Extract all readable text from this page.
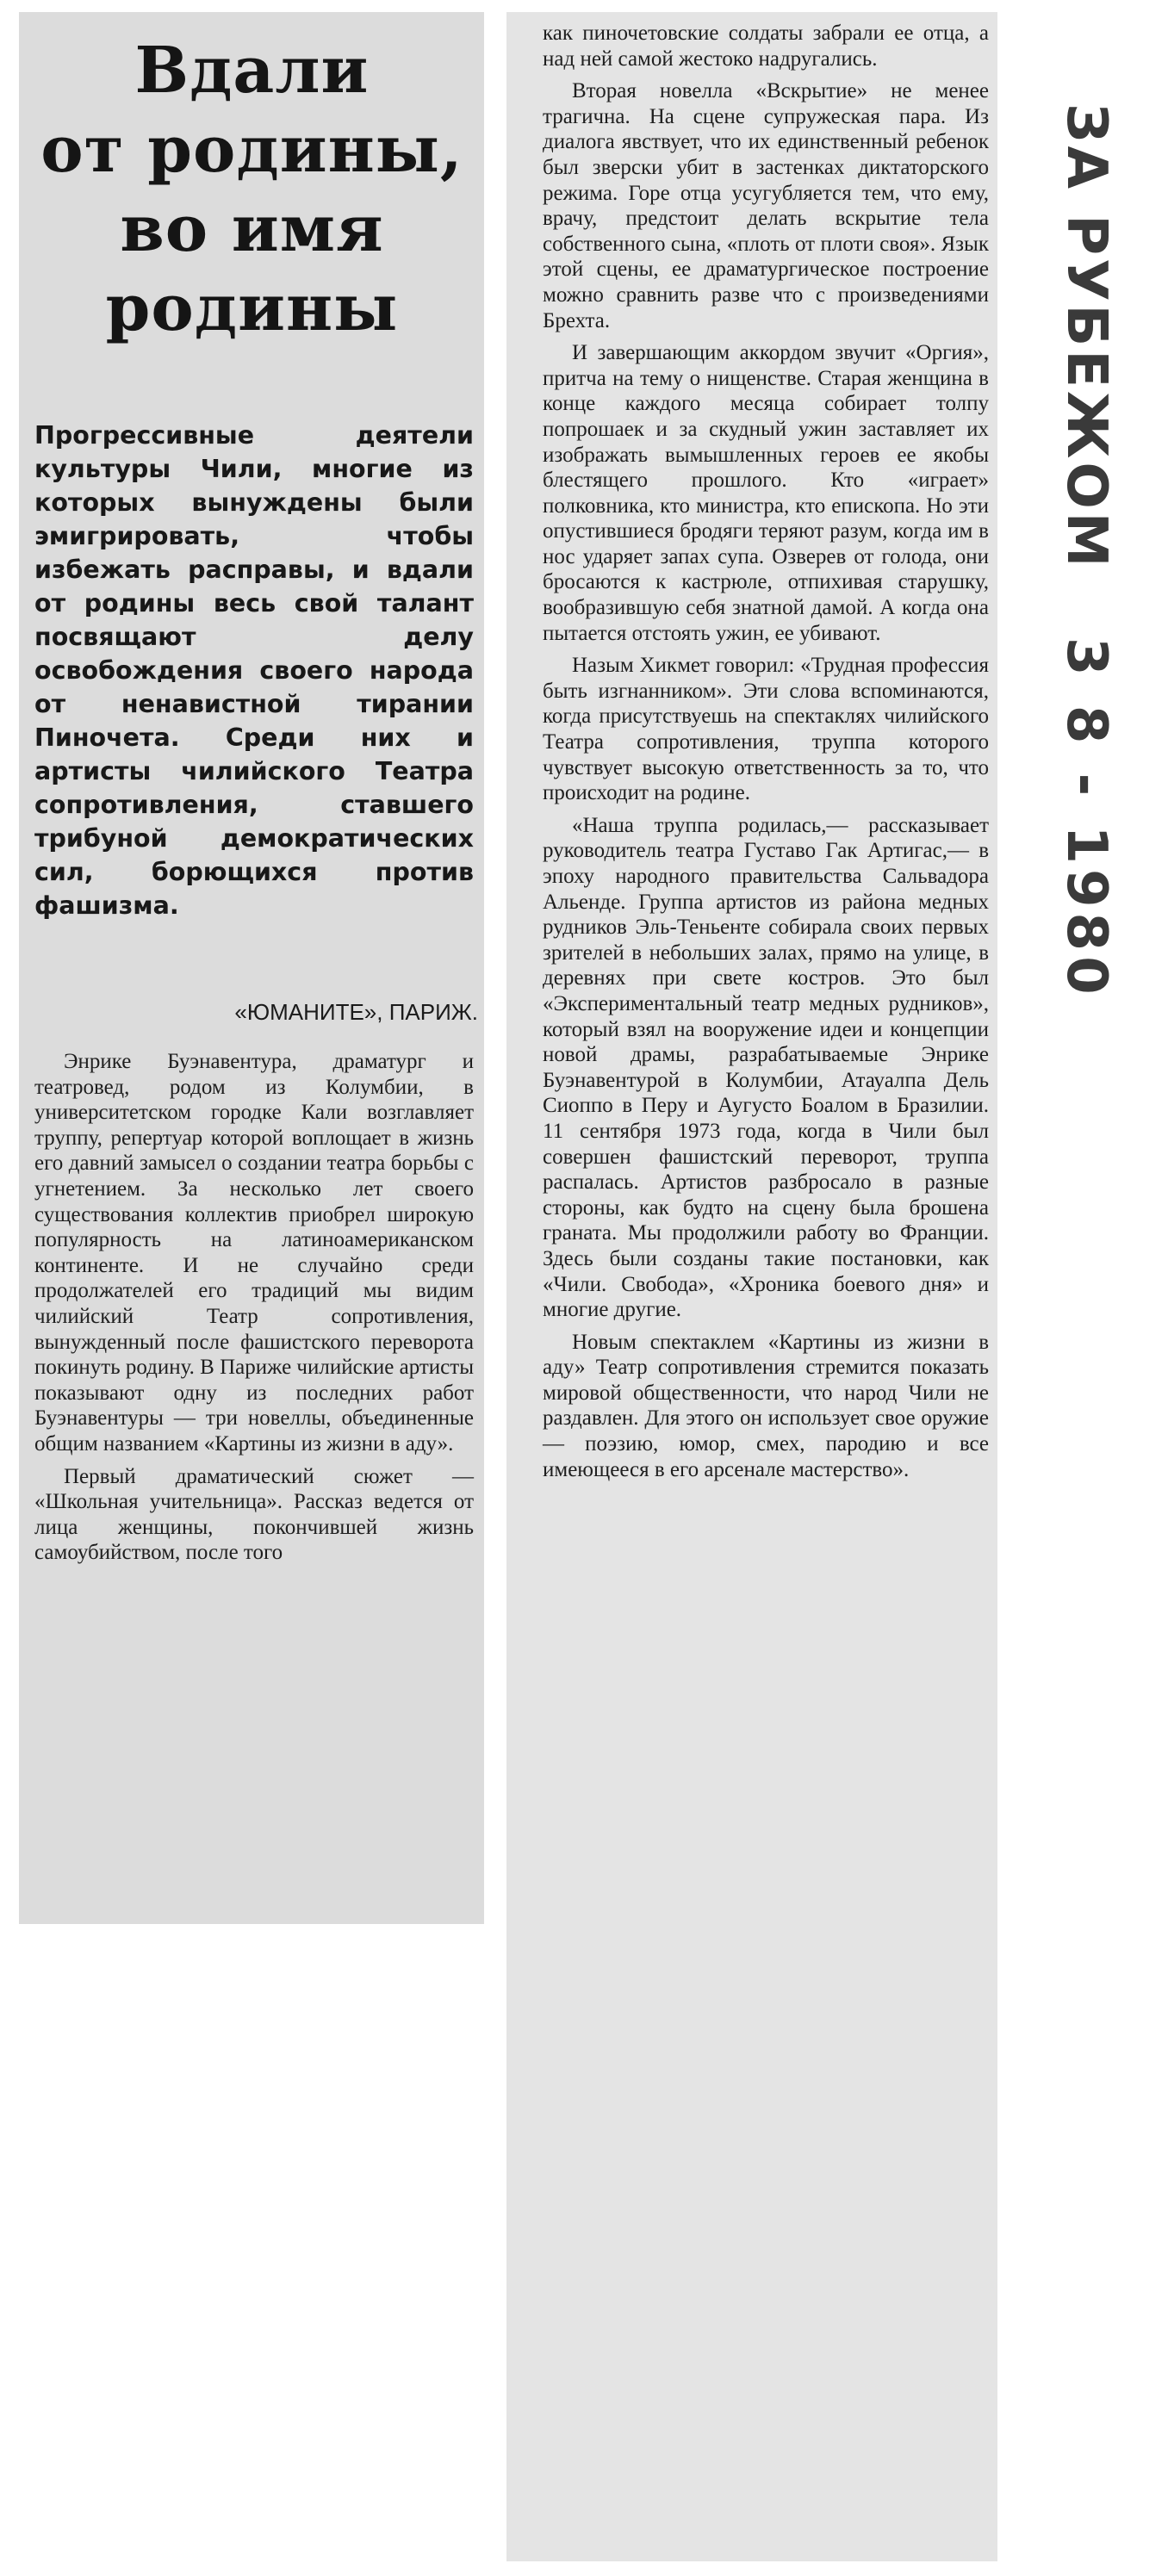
Вдали
от родины,
во имя
родины
Прогрессивные деятели культуры Чили, многие из которых вынуждены были эмигрировать, чтобы избежать расправы, и вдали от родины весь свой талант посвящают делу освобождения своего народа от ненавистной тирании Пиночета. Среди них и артисты чилийского Театра сопротивления, ставшего трибуной демократических сил, борющихся против фашизма.
«ЮМАНИТЕ», ПАРИЖ.

Энрике Буэнавентура, драматург и театровед, родом из Колумбии, в университетском городке Кали возглавляет труппу, репертуар которой воплощает в жизнь его давний замысел о создании театра борьбы с угнетением. За несколько лет своего существования коллектив приобрел широкую популярность на латиноамериканском континенте. И не случайно среди продолжателей его традиций мы видим чилийский Театр сопротивления, вынужденный после фашистского переворота покинуть родину. В Париже чилийские артисты показывают одну из последних работ Буэнавентуры — три новеллы, объединенные общим названием «Картины из жизни в аду».

Первый драматический сюжет — «Школьная учительница». Рассказ ведется от лица женщины, покончившей жизнь самоубийством, после того

как пиночетовские солдаты забрали ее отца, а над ней самой жестоко надругались.

Вторая новелла «Вскрытие» не менее трагична. На сцене супружеская пара. Из диалога явствует, что их единственный ребенок был зверски убит в застенках диктаторского режима. Горе отца усугубляется тем, что ему, врачу, предстоит делать вскрытие тела собственного сына, «плоть от плоти своя». Язык этой сцены, ее драматургическое построение можно сравнить разве что с произведениями Брехта.

И завершающим аккордом звучит «Оргия», притча на тему о нищенстве. Старая женщина в конце каждого месяца собирает толпу попрошаек и за скудный ужин заставляет их изображать вымышленных героев ее якобы блестящего прошлого. Кто «играет» полковника, кто министра, кто епископа. Но эти опустившиеся бродяги теряют разум, когда им в нос ударяет запах супа. Озверев от голода, они бросаются к кастрюле, отпихивая старушку, вообразившую себя знатной дамой. А когда она пытается отстоять ужин, ее убивают.

Назым Хикмет говорил: «Трудная профессия быть изгнанником». Эти слова вспоминаются, когда присутствуешь на спектаклях чилийского Театра сопротивления, труппа которого чувствует высокую ответственность за то, что происходит на родине.

«Наша труппа родилась,— рассказывает руководитель театра Густаво Гак Артигас,— в эпоху народного правительства Сальвадора Альенде. Группа артистов из района медных рудников Эль-Теньенте собирала своих первых зрителей в небольших залах, прямо на улице, в деревнях при свете костров. Это был «Экспериментальный театр медных рудников», который взял на вооружение идеи и концепции новой драмы, разрабатываемые Энрике Буэнавентурой в Колумбии, Атауалпа Дель Сиоппо в Перу и Аугусто Боалом в Бразилии. 11 сентября 1973 года, когда в Чили был совершен фашистский переворот, труппа распалась. Артистов разбросало в разные стороны, как будто на сцену была брошена граната. Мы продолжили работу во Франции. Здесь были созданы такие постановки, как «Чили. Свобода», «Хроника боевого дня» и многие другие.

Новым спектаклем «Картины из жизни в аду» Театр сопротивления стремится показать мировой общественности, что народ Чили не раздавлен. Для этого он использует свое оружие — поэзию, юмор, смех, пародию и все имеющееся в его арсенале мастерство».

ЗА РУБЕЖОМ
3 8 - 1980
